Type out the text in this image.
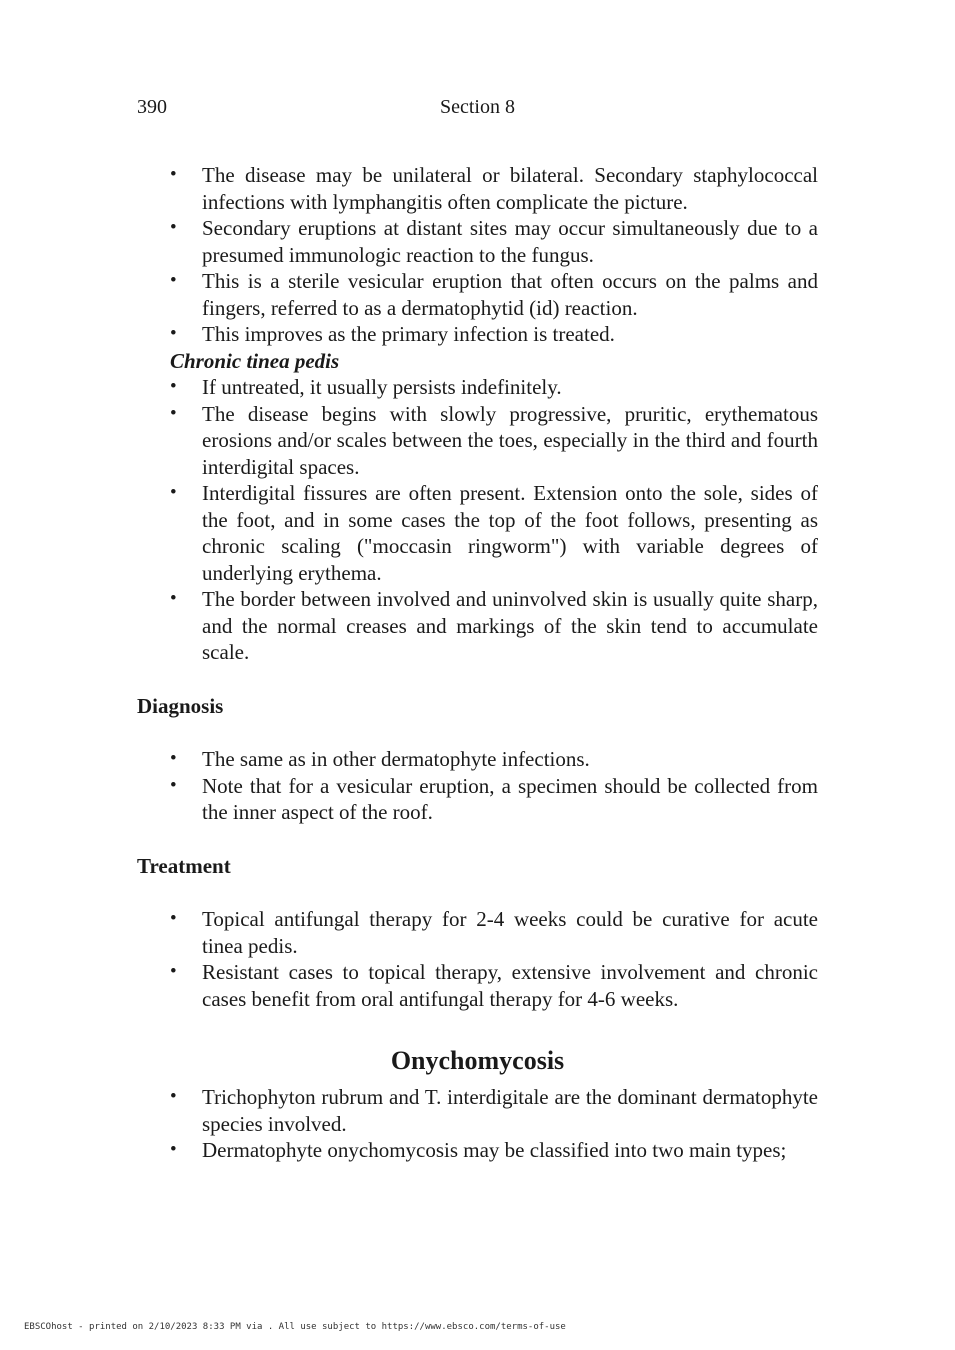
390	Section 8
• The disease may be unilateral or bilateral. Secondary staphylococcal infections with lymphangitis often complicate the picture.
• Secondary eruptions at distant sites may occur simultaneously due to a presumed immunologic reaction to the fungus.
• This is a sterile vesicular eruption that often occurs on the palms and fingers, referred to as a dermatophytid (id) reaction.
• This improves as the primary infection is treated.
Chronic tinea pedis
• If untreated, it usually persists indefinitely.
• The disease begins with slowly progressive, pruritic, erythematous erosions and/or scales between the toes, especially in the third and fourth interdigital spaces.
• Interdigital fissures are often present. Extension onto the sole, sides of the foot, and in some cases the top of the foot follows, presenting as chronic scaling ("moccasin ringworm") with variable degrees of underlying erythema.
• The border between involved and uninvolved skin is usually quite sharp, and the normal creases and markings of the skin tend to accumulate scale.
Diagnosis
• The same as in other dermatophyte infections.
• Note that for a vesicular eruption, a specimen should be collected from the inner aspect of the roof.
Treatment
• Topical antifungal therapy for 2-4 weeks could be curative for acute tinea pedis.
• Resistant cases to topical therapy, extensive involvement and chronic cases benefit from oral antifungal therapy for 4-6 weeks.
Onychomycosis
• Trichophyton rubrum and T. interdigitale are the dominant dermatophyte species involved.
• Dermatophyte onychomycosis may be classified into two main types;
EBSCOhost - printed on 2/10/2023 8:33 PM via . All use subject to https://www.ebsco.com/terms-of-use
